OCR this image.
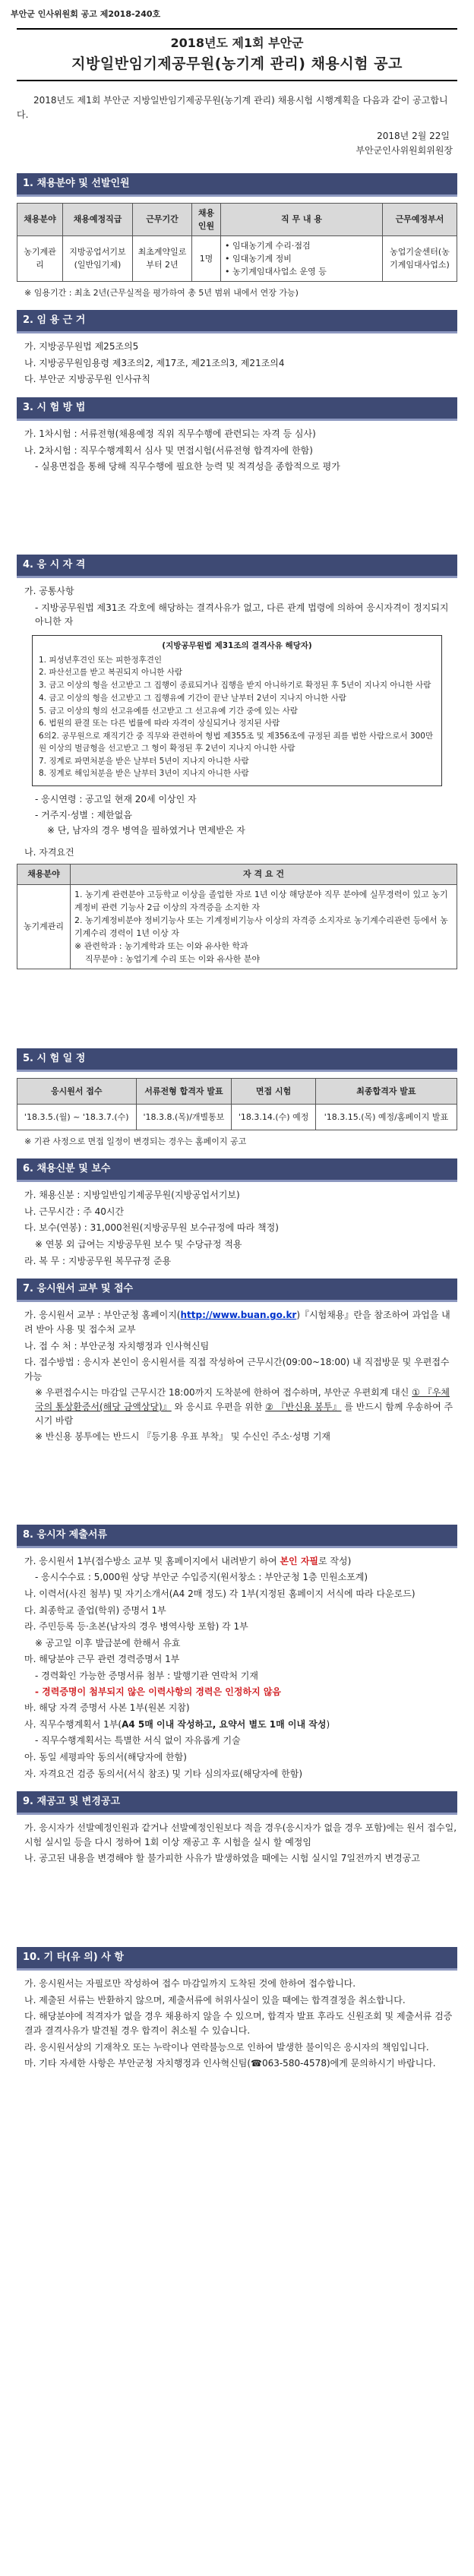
부안군 인사위원회 공고 제2018-240호
2018년도 제1회 부안군
지방일반임기제공무원(농기계 관리) 채용시험 공고
2018년도 제1회 부안군 지방일반임기제공무원(농기계 관리) 채용시험 시행계획을 다음과 같이 공고합니다.
2018년 2월 22일
부안군인사위원회위원장
1. 채용분야 및 선발인원
채용분야	채용예정직급	근무기간	채용인원	직 무 내 용	근무예정부서
농기계관리	지방공업서기보(일반임기제)	최초계약일로부터 2년	1명	• 임대농기계 수리·점검
• 임대농기계 정비
• 농기계임대사업소 운영 등	농업기술센터(농기계임대사업소)
※ 임용기간 : 최초 2년(근무실적을 평가하여 총 5년 범위 내에서 연장 가능)
2. 임 용 근 거
가. 지방공무원법 제25조의5
나. 지방공무원임용령 제3조의2, 제17조, 제21조의3, 제21조의4
다. 부안군 지방공무원 인사규칙
3. 시 험 방 법
가. 1차시험 : 서류전형(채용예정 직위 직무수행에 관련되는 자격 등 심사)
나. 2차시험 : 직무수행계획서 심사 및 면접시험(서류전형 합격자에 한함)
- 실용면접을 통해 당해 직무수행에 필요한 능력 및 적격성을 종합적으로 평가
4. 응 시 자 격
가. 공통사항
- 지방공무원법 제31조 각호에 해당하는 결격사유가 없고, 다른 관계 법령에 의하여 응시자격이 정지되지 아니한 자
(지방공무원법 제31조의 결격사유 해당자)
1. 피성년후견인 또는 피한정후견인
2. 파산선고를 받고 복권되지 아니한 사람
3. 금고 이상의 형을 선고받고 그 집행이 종료되거나 집행을 받지 아니하기로 확정된 후 5년이 지나지 아니한 사람
4. 금고 이상의 형을 선고받고 그 집행유예 기간이 끝난 날부터 2년이 지나지 아니한 사람
5. 금고 이상의 형의 선고유예를 선고받고 그 선고유예 기간 중에 있는 사람
6. 법원의 판결 또는 다른 법률에 따라 자격이 상실되거나 정지된 사람
6의2. 공무원으로 재직기간 중 직무와 관련하여 형법 제355조 및 제356조에 규정된 죄를 범한 사람으로서 300만원 이상의 벌금형을 선고받고 그 형이 확정된 후 2년이 지나지 아니한 사람
7. 징계로 파면처분을 받은 날부터 5년이 지나지 아니한 사람
8. 징계로 해임처분을 받은 날부터 3년이 지나지 아니한 사람
- 응시연령 : 공고일 현재 20세 이상인 자
- 거주지·성별 : 제한없음
※ 단, 남자의 경우 병역을 필하였거나 면제받은 자
나. 자격요건
채용분야	자 격 요 건
농기계관리	1. 농기계 관련분야 고등학교 이상을 졸업한 자로 1년 이상 해당분야 직무 분야에 실무경력이 있고 농기계정비 관련 기능사 2급 이상의 자격증을 소지한 자
2. 농기계정비분야 정비기능사 또는 기계정비기능사 이상의 자격증 소지자로 농기계수리관련 등에서 농기계수리 경력이 1년 이상 자
※ 관련학과 : 농기계학과 또는 이와 유사한 학과
직무분야 : 농업기계 수리 또는 이와 유사한 분야
5. 시 험 일 정
응시원서 접수	서류전형 합격자 발표	면접 시험	최종합격자 발표
'18.3.5.(월) ~ '18.3.7.(수)	'18.3.8.(목)/개별통보	'18.3.14.(수) 예정	'18.3.15.(목) 예정/홈페이지 발표
※ 기관 사정으로 면접 일정이 변경되는 경우는 홈페이지 공고
6. 채용신분 및 보수
가. 채용신분 : 지방일반임기제공무원(지방공업서기보)
나. 근무시간 : 주 40시간
다. 보수(연봉) : 31,000천원(지방공무원 보수규정에 따라 책정)
※ 연봉 외 급여는 지방공무원 보수 및 수당규정 적용
라. 복 무 : 지방공무원 복무규정 준용
7. 응시원서 교부 및 접수
가. 응시원서 교부 : 부안군청 홈페이지(http://www.buan.go.kr)『시험채용』란을 참조하여 과업을 내려 받아 사용 및 접수처 교부
나. 접 수 처 : 부안군청 자치행정과 인사혁신팀
다. 접수방법 : 응시자 본인이 응시원서를 직접 작성하여 근무시간(09:00~18:00) 내 직접방문 및 우편접수 가능
※ 우편접수시는 마감일 근무시간 18:00까지 도착분에 한하여 접수하며, 부안군 우편회계 대신 ① 『우체국의 통상환증서(해당 금액상당)』 와 응시료 우편을 위한 ② 『반신용 봉투』 를 반드시 함께 우송하여 주시기 바람
※ 반신용 봉투에는 반드시 『등기용 우표 부착』 및 수신인 주소·성명 기재
8. 응시자 제출서류
가. 응시원서 1부(접수방소 교부 및 홈페이지에서 내려받기 하여 본인 자필로 작성)
- 응시수수료 : 5,000원 상당 부안군 수입증지(원서창소 : 부안군청 1층 민원소포계)
나. 이력서(사진 첨부) 및 자기소개서(A4 2매 정도) 각 1부(지정된 홈페이지 서식에 따라 다운로드)
다. 최종학교 졸업(학위) 증명서 1부
라. 주민등록 등·초본(남자의 경우 병역사항 포함) 각 1부
※ 공고일 이후 발급분에 한해서 유효
마. 해당분야 근무 관련 경력증명서 1부
- 경력확인 가능한 증명서류 첨부 : 발행기관 연락처 기재
- 경력증명이 첨부되지 않은 이력사항의 경력은 인정하지 않음
바. 해당 자격 증명서 사본 1부(원본 지참)
사. 직무수행계획서 1부(A4 5매 이내 작성하고, 요약서 별도 1매 이내 작성)
- 직무수행계획서는 특별한 서식 없이 자유롭게 기술
아. 동일 세평파악 동의서(해당자에 한함)
자. 자격요건 검증 동의서(서식 참조) 및 기타 심의자료(해당자에 한함)
9. 재공고 및 변경공고
가. 응시자가 선발예정인원과 같거나 선발예정인원보다 적을 경우(응시자가 없을 경우 포함)에는 원서 접수일, 시험 실시일 등을 다시 정하여 1회 이상 재공고 후 시험을 실시 할 예정임
나. 공고된 내용을 변경해야 할 불가피한 사유가 발생하였을 때에는 시험 실시일 7일전까지 변경공고
10. 기 타(유 의) 사 항
가. 응시원서는 자필로만 작성하여 접수 마감일까지 도착된 것에 한하여 접수합니다.
나. 제출된 서류는 반환하지 않으며, 제출서류에 허위사실이 있을 때에는 합격결정을 취소합니다.
다. 해당분야에 적격자가 없을 경우 채용하지 않을 수 있으며, 합격자 발표 후라도 신원조회 및 제출서류 검증 결과 결격사유가 발견될 경우 합격이 취소될 수 있습니다.
라. 응시원서상의 기재착오 또는 누락이나 연락불능으로 인하여 발생한 불이익은 응시자의 책임입니다.
마. 기타 자세한 사항은 부안군청 자치행정과 인사혁신팀(☎063-580-4578)에게 문의하시기 바랍니다.
